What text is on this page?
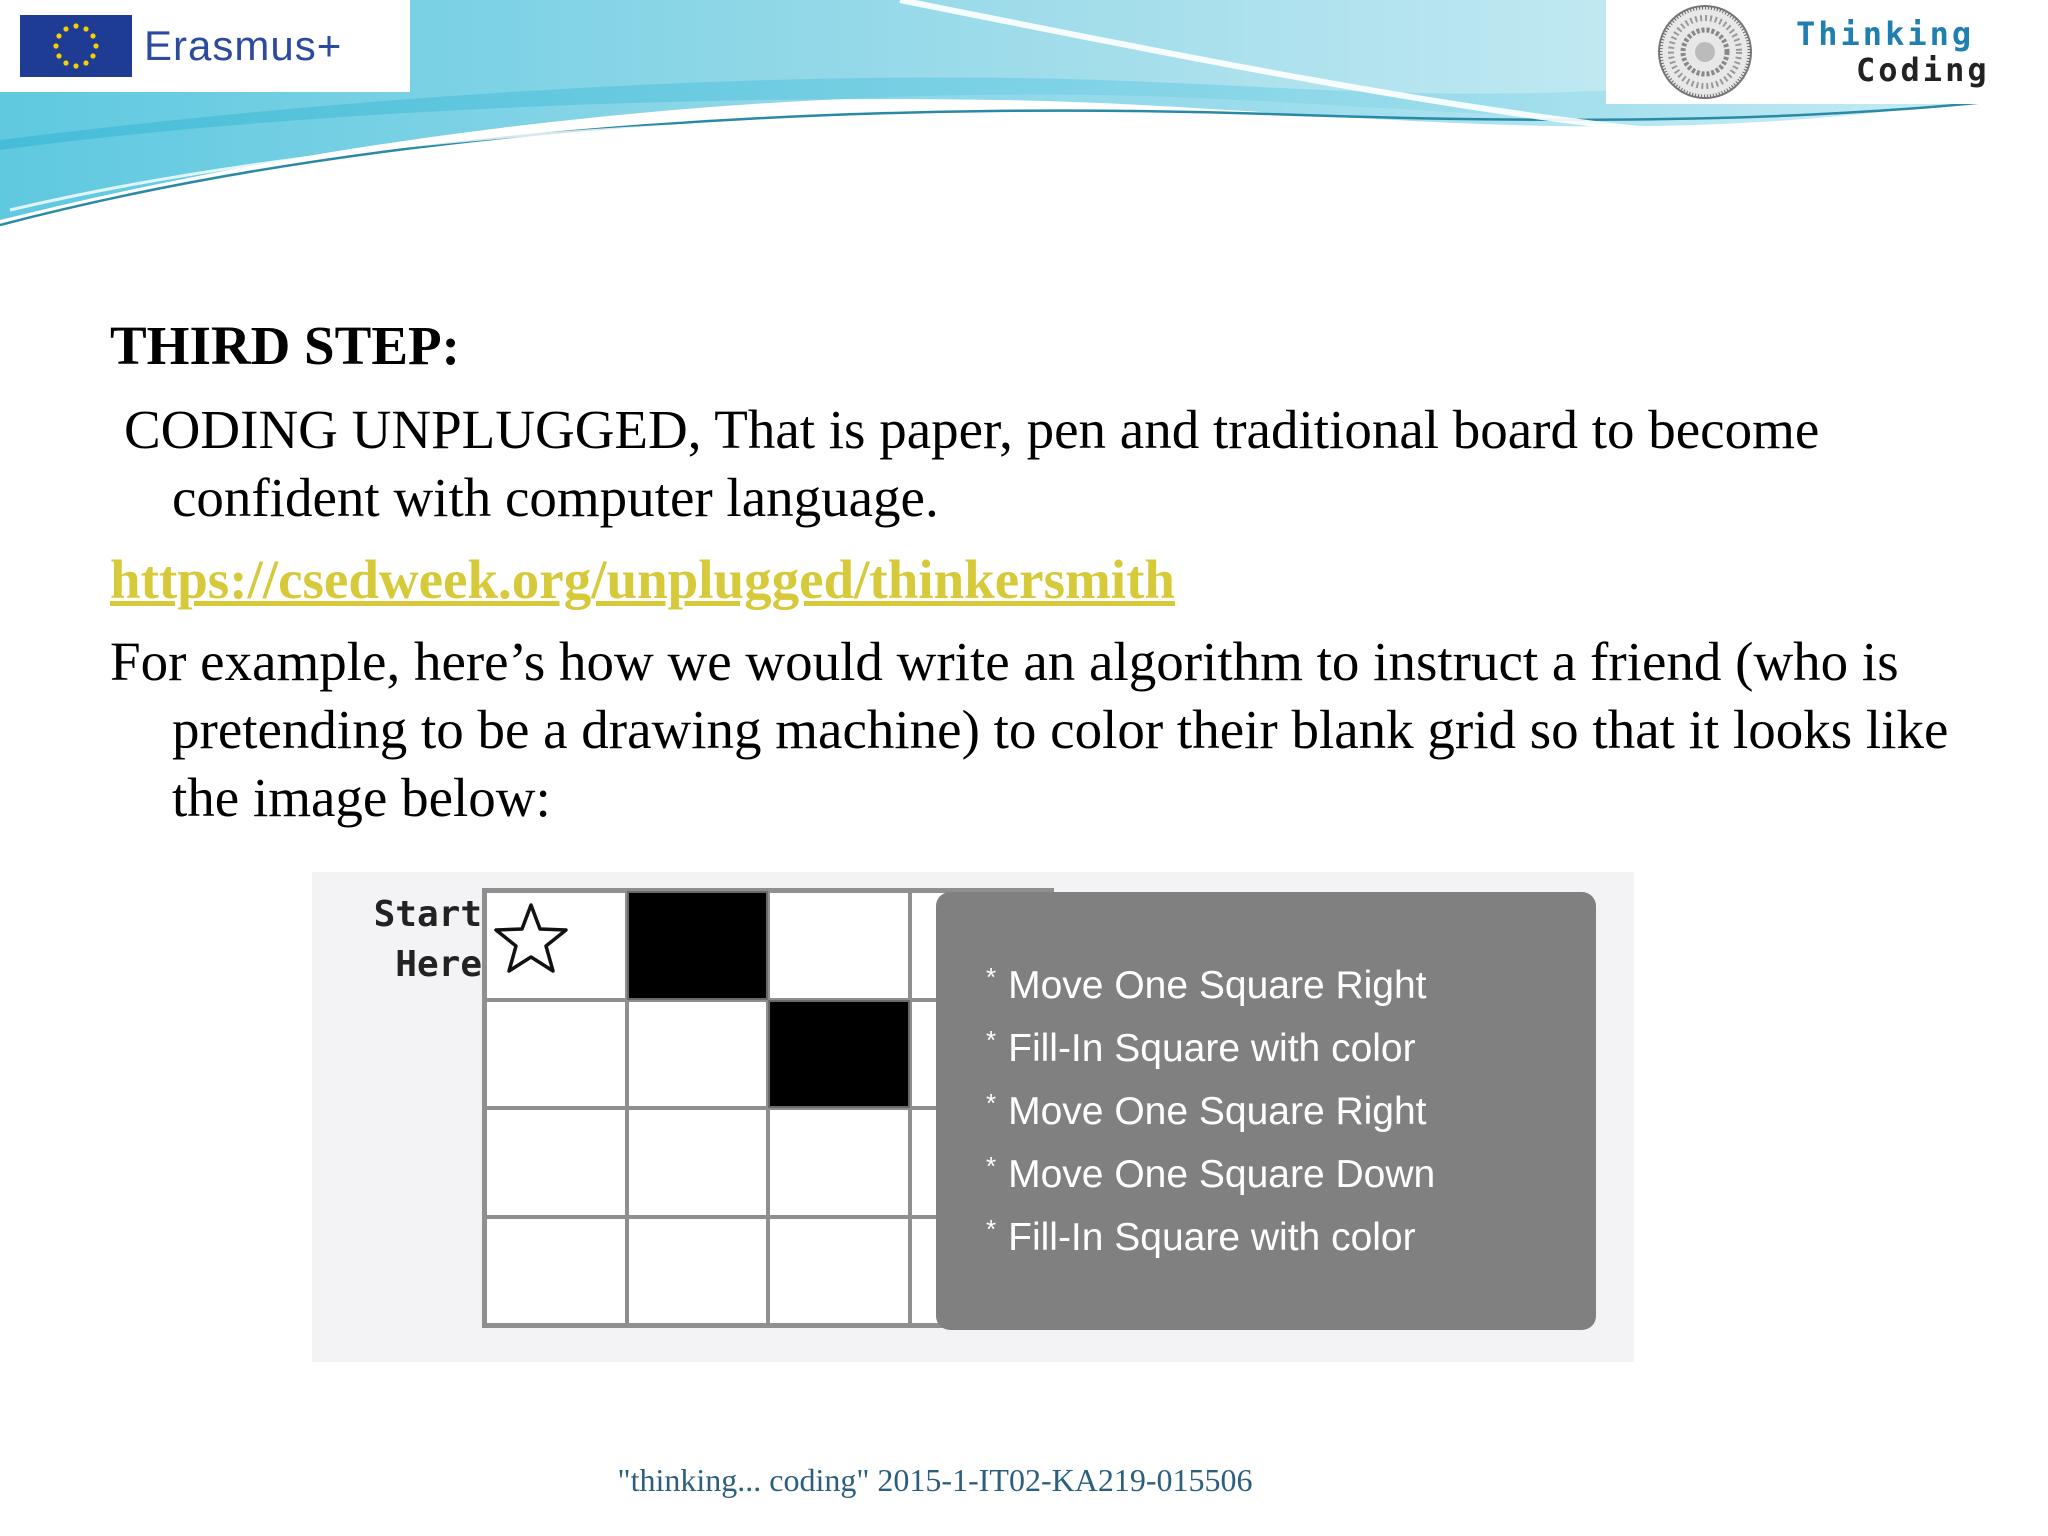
Erasmus+	Thinking
Coding
THIRD STEP:
CODING UNPLUGGED, That is paper, pen and traditional board to become confident with computer language.
https://csedweek.org/unplugged/thinkersmith
For example, here’s how we would write an algorithm to instruct a friend (who is pretending to be a drawing machine) to color their blank grid so that it looks like the image below:
Start
Here	* Move One Square Right
* Fill-In Square with color
* Move One Square Right
* Move One Square Down
* Fill-In Square with color
"thinking... coding" 2015-1-IT02-KA219-015506
